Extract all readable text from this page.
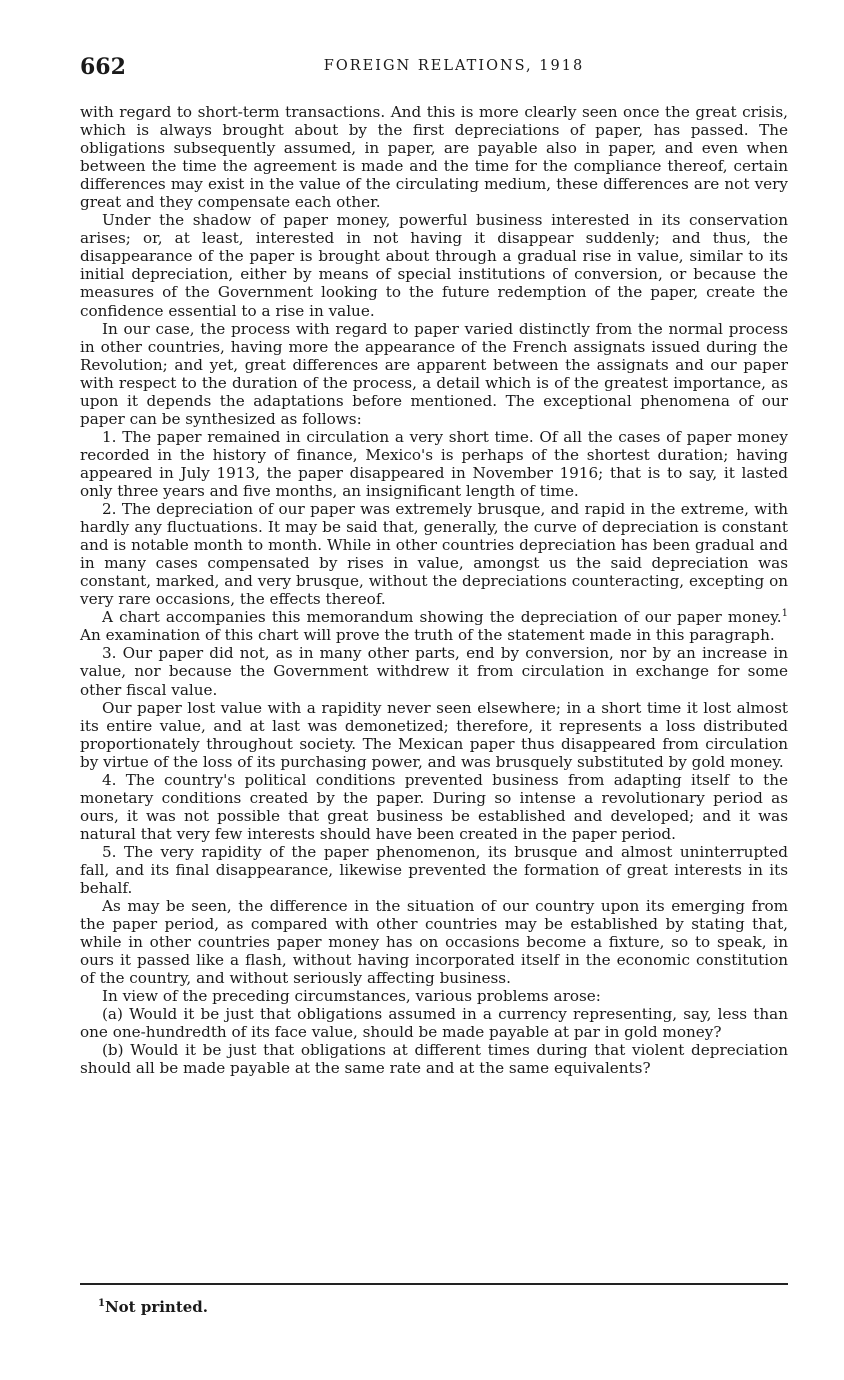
662	FOREIGN RELATIONS, 1918

with regard to short-term transactions. And this is more clearly seen once the great crisis, which is always brought about by the first depreciations of paper, has passed. The obligations subsequently assumed, in paper, are payable also in paper, and even when between the time the agreement is made and the time for the compliance thereof, certain differences may exist in the value of the circulating medium, these differences are not very great and they compensate each other.

Under the shadow of paper money, powerful business interested in its conservation arises; or, at least, interested in not having it disappear suddenly; and thus, the disappearance of the paper is brought about through a gradual rise in value, similar to its initial depreciation, either by means of special institutions of conversion, or because the measures of the Government looking to the future redemption of the paper, create the confidence essential to a rise in value.

In our case, the process with regard to paper varied distinctly from the normal process in other countries, having more the appearance of the French assignats issued during the Revolution; and yet, great differences are apparent between the assignats and our paper with respect to the duration of the process, a detail which is of the greatest importance, as upon it depends the adaptations before mentioned. The exceptional phenomena of our paper can be synthesized as follows:

1. The paper remained in circulation a very short time. Of all the cases of paper money recorded in the history of finance, Mexico's is perhaps of the shortest duration; having appeared in July 1913, the paper disappeared in November 1916; that is to say, it lasted only three years and five months, an insignificant length of time.

2. The depreciation of our paper was extremely brusque, and rapid in the extreme, with hardly any fluctuations. It may be said that, generally, the curve of depreciation is constant and is notable month to month. While in other countries depreciation has been gradual and in many cases compensated by rises in value, amongst us the said depreciation was constant, marked, and very brusque, without the depreciations counteracting, excepting on very rare occasions, the effects thereof.

A chart accompanies this memorandum showing the depreciation of our paper money.$^1$ An examination of this chart will prove the truth of the statement made in this paragraph.

3. Our paper did not, as in many other parts, end by conversion, nor by an increase in value, nor because the Government withdrew it from circulation in exchange for some other fiscal value.

Our paper lost value with a rapidity never seen elsewhere; in a short time it lost almost its entire value, and at last was demonetized; therefore, it represents a loss distributed proportionately throughout society. The Mexican paper thus disappeared from circulation by virtue of the loss of its purchasing power, and was brusquely substituted by gold money.

4. The country's political conditions prevented business from adapting itself to the monetary conditions created by the paper. During so intense a revolutionary period as ours, it was not possible that great business be established and developed; and it was natural that very few interests should have been created in the paper period.

5. The very rapidity of the paper phenomenon, its brusque and almost uninterrupted fall, and its final disappearance, likewise prevented the formation of great interests in its behalf.

As may be seen, the difference in the situation of our country upon its emerging from the paper period, as compared with other countries may be established by stating that, while in other countries paper money has on occasions become a fixture, so to speak, in ours it passed like a flash, without having incorporated itself in the economic constitution of the country, and without seriously affecting business.

In view of the preceding circumstances, various problems arose:

(a) Would it be just that obligations assumed in a currency representing, say, less than one one-hundredth of its face value, should be made payable at par in gold money?

(b) Would it be just that obligations at different times during that violent depreciation should all be made payable at the same rate and at the same equivalents?

$^1$Not printed.
